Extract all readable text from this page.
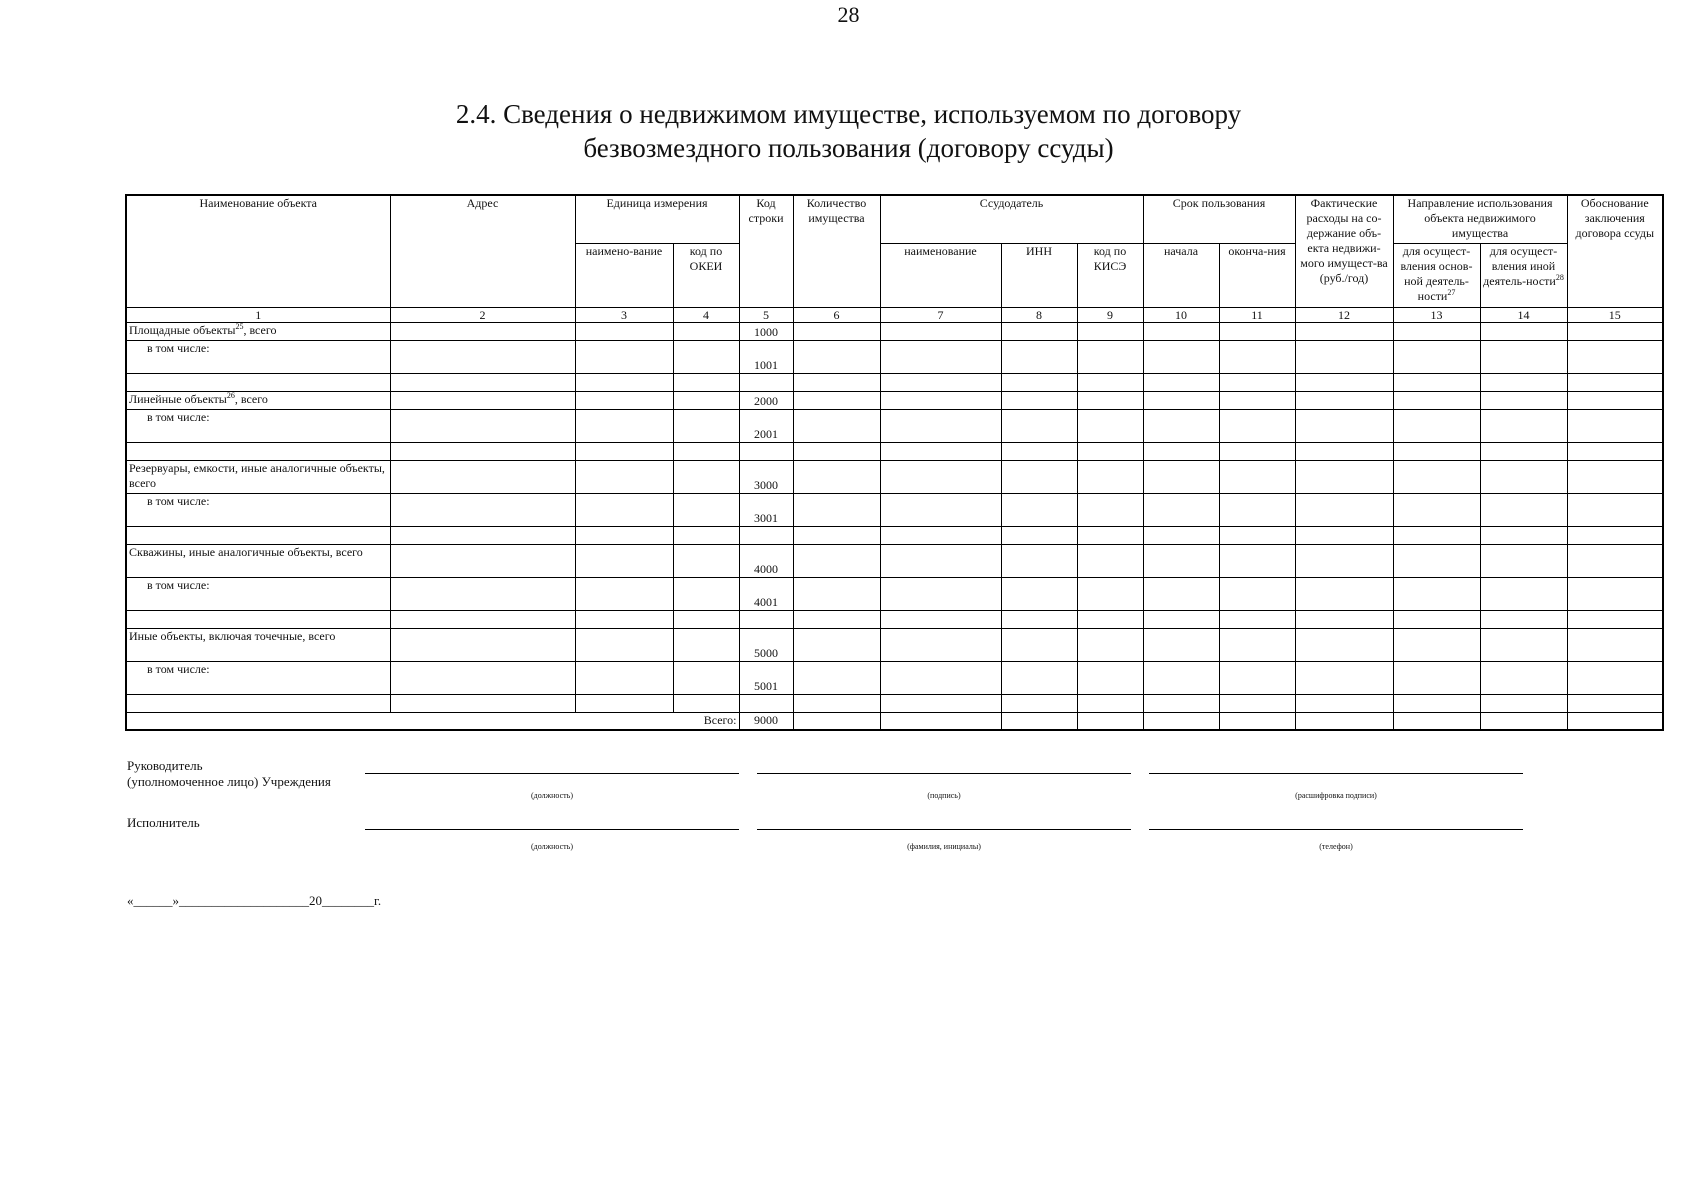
28
2.4. Сведения о недвижимом имуществе, используемом по договору
безвозмездного пользования (договору ссуды)
Наименование объекта	Адрес	Единица измерения		Код строки	Количество имущества	Ссудодатель			Срок пользования		Фактические расходы на со-держание объ-екта недвижи-мого имущест-ва (руб./год)	Направление использования объекта недвижимого имущества		Обоснование заключения договора ссуды
		наимено-вание	код по ОКЕИ			наименование	ИНН	код по КИСЭ	начала	оконча-ния		для осущест-вления основ-ной деятель-ности$^{27}$	для осущест-вления иной деятель-ности$^{28}$
1	2	3	4	5	6	7	8	9	10	11	12	13	14	15
Площадные объекты$^{25}$, всего				1000										
в том числе:				1001										

Линейные объекты$^{26}$, всего				2000										
в том числе:				2001										

Резервуары, емкости, иные аналогичные объекты, всего				3000										
в том числе:				3001										

Скважины, иные аналогичные объекты, всего				4000										
в том числе:				4001										

Иные объекты, включая точечные, всего				5000										
в том числе:				5001										

Всего:				9000										
Руководитель
(уполномоченное лицо) Учреждения
(должность)	(подпись)	(расшифровка подписи)
Исполнитель
(должность)	(фамилия, инициалы)	(телефон)
«______»____________________20________г.
